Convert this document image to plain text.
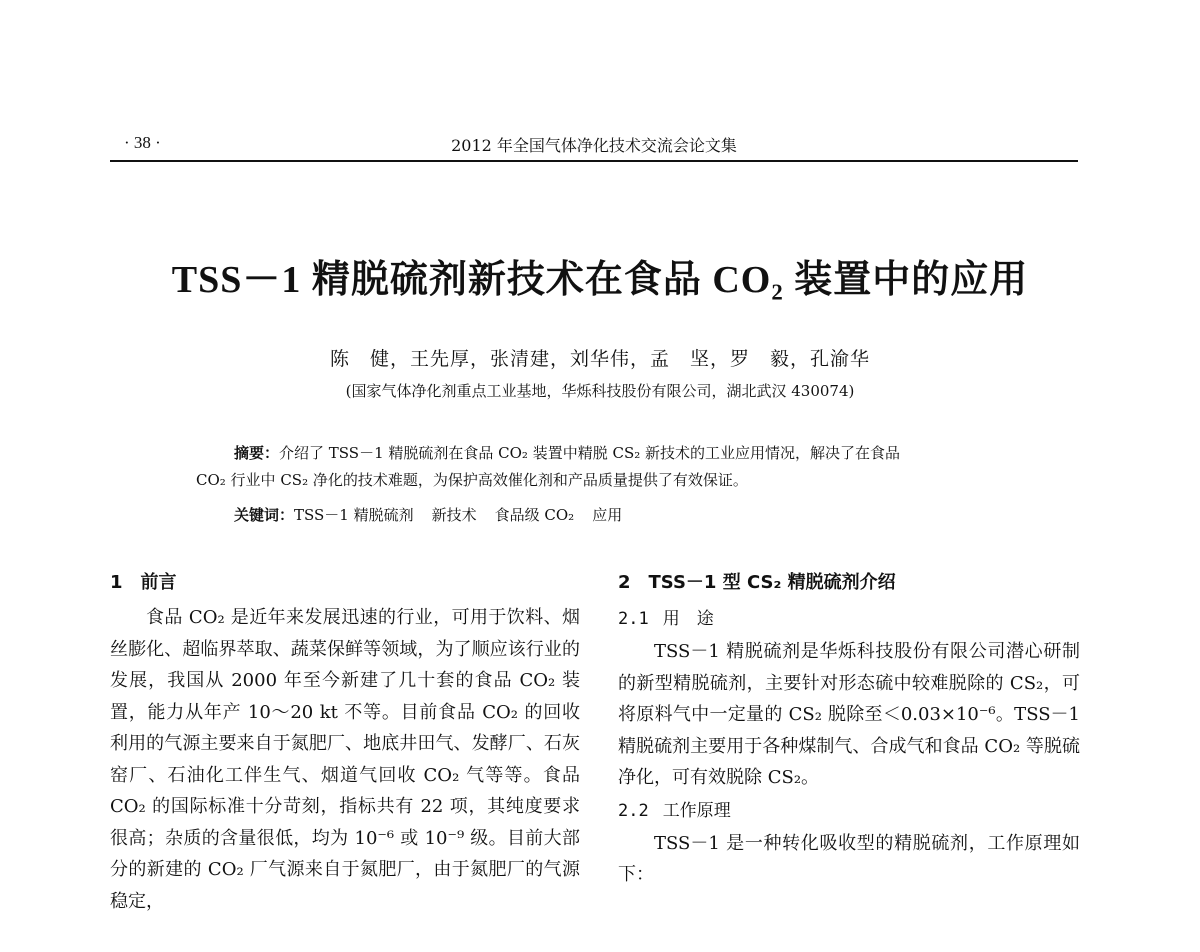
· 38 ·	2012 年全国气体净化技术交流会论文集
TSS－1 精脱硫剂新技术在食品 CO₂ 装置中的应用
陈　健，王先厚，张清建，刘华伟，孟　坚，罗　毅，孔渝华
(国家气体净化剂重点工业基地，华烁科技股份有限公司，湖北武汉 430074)
摘要：介绍了 TSS－1 精脱硫剂在食品 CO₂ 装置中精脱 CS₂ 新技术的工业应用情况，解决了在食品
CO₂ 行业中 CS₂ 净化的技术难题，为保护高效催化剂和产品质量提供了有效保证。
关键词：TSS－1 精脱硫剂 新技术 食品级 CO₂ 应用
1　前言

食品 CO₂ 是近年来发展迅速的行业，可用于饮料、烟丝膨化、超临界萃取、蔬菜保鲜等领域，为了顺应该行业的发展，我国从 2000 年至今新建了几十套的食品 CO₂ 装置，能力从年产 10～20 kt 不等。目前食品 CO₂ 的回收利用的气源主要来自于氮肥厂、地底井田气、发酵厂、石灰窑厂、石油化工伴生气、烟道气回收 CO₂ 气等等。食品 CO₂ 的国际标准十分苛刻，指标共有 22 项，其纯度要求很高；杂质的含量很低，均为 10⁻⁶ 或 10⁻⁹ 级。目前大部分的新建的 CO₂ 厂气源来自于氮肥厂，由于氮肥厂的气源稳定，

2　TSS－1 型 CS₂ 精脱硫剂介绍
2.1 用　途

TSS－1 精脱硫剂是华烁科技股份有限公司潜心研制的新型精脱硫剂，主要针对形态硫中较难脱除的 CS₂，可将原料气中一定量的 CS₂ 脱除至＜0.03×10⁻⁶。TSS－1 精脱硫剂主要用于各种煤制气、合成气和食品 CO₂ 等脱硫净化，可有效脱除 CS₂。

2.2 工作原理

TSS－1 是一种转化吸收型的精脱硫剂，工作原理如下：
